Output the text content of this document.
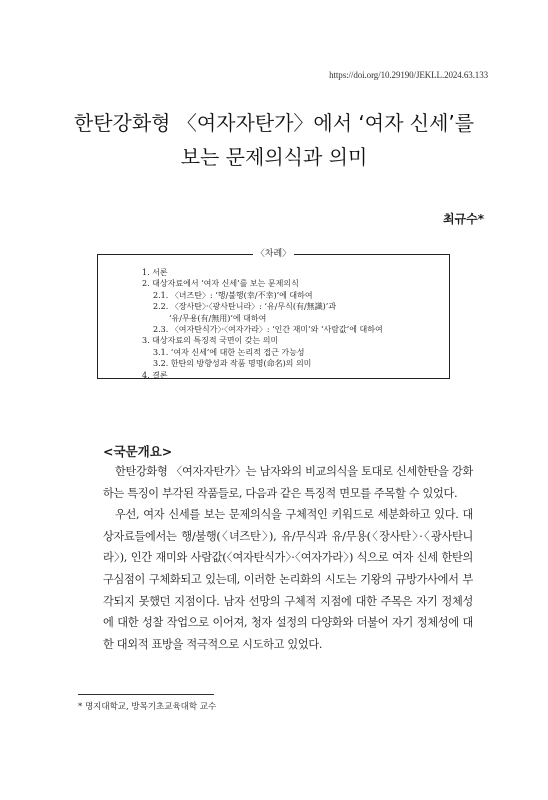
https://doi.org/10.29190/JEKLL.2024.63.133
한탄강화형 〈여자자탄가〉에서 ‘여자 신세’를
보는 문제의식과 의미
최규수*
〈차례〉
1. 서론
2. 대상자료에서 ‘여자 신세’를 보는 문제의식
2.1. 〈녀즈탄〉: ‘행/불행(幸/不幸)’에 대하여
2.2. 〈장사탄〉·〈광사탄니라〉: ‘유/무식(有/無識)’과
‘유/무용(有/無用)’에 대하여
2.3. 〈여자탄식가〉·〈여자가라〉: ‘인간 재미’와 ‘사람값’에 대하여
3. 대상자료의 특징적 국면이 갖는 의미
3.1. ‘여자 신세’에 대한 논리적 접근 가능성
3.2. 한탄의 방향성과 작품 명명(命名)의 의미
4. 결론
<국문개요>

한탄강화형 〈여자자탄가〉는 남자와의 비교의식을 토대로 신세한탄을 강화하는 특징이 부각된 작품들로, 다음과 같은 특징적 면모를 주목할 수 있었다.

우선, 여자 신세를 보는 문제의식을 구체적인 키워드로 세분화하고 있다. 대상자료들에서는 행/불행(〈녀즈탄〉), 유/무식과 유/무용(〈장사탄〉·〈광사탄니라〉), 인간 재미와 사람값(〈여자탄식가〉·〈여자가라〉) 식으로 여자 신세 한탄의 구심점이 구체화되고 있는데, 이러한 논리화의 시도는 기왕의 규방가사에서 부각되지 못했던 지점이다. 남자 선망의 구체적 지점에 대한 주목은 자기 정체성에 대한 성찰 작업으로 이어져, 청자 설정의 다양화와 더불어 자기 정체성에 대한 대외적 표방을 적극적으로 시도하고 있었다.

* 명지대학교, 방목기초교육대학 교수
